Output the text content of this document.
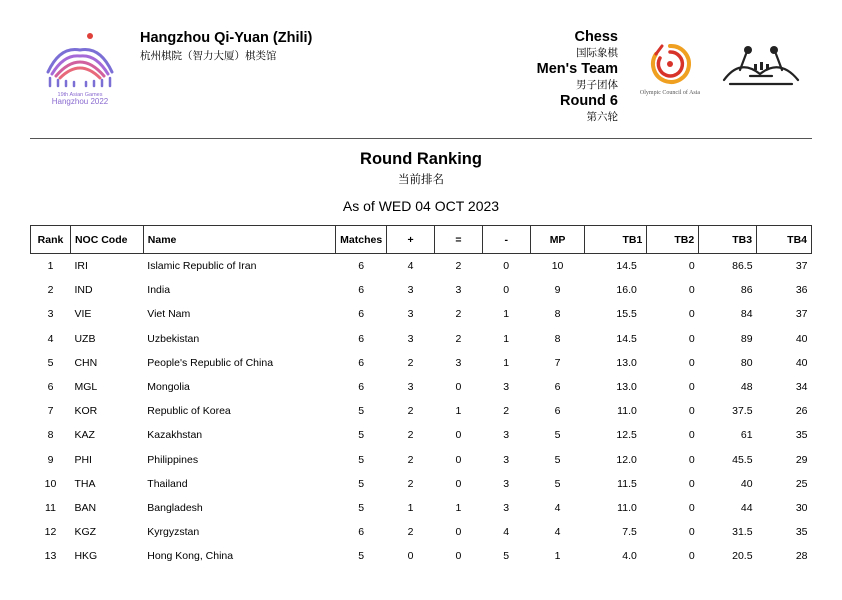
19th Asian Games
Hangzhou 2022
Hangzhou Qi-Yuan (Zhili)
杭州棋院（智力大厦）棋类馆
Chess
国际象棋
Men's Team
男子团体
Round 6
第六轮
Olympic Council of Asia
Round Ranking
当前排名
As of WED 04 OCT 2023
Rank	NOC Code	Name	Matches	+	=	-	MP	TB1	TB2	TB3	TB4
1	IRI	Islamic Republic of Iran	6	4	2	0	10	14.5	0	86.5	37
2	IND	India	6	3	3	0	9	16.0	0	86	36
3	VIE	Viet Nam	6	3	2	1	8	15.5	0	84	37
4	UZB	Uzbekistan	6	3	2	1	8	14.5	0	89	40
5	CHN	People's Republic of China	6	2	3	1	7	13.0	0	80	40
6	MGL	Mongolia	6	3	0	3	6	13.0	0	48	34
7	KOR	Republic of Korea	5	2	1	2	6	11.0	0	37.5	26
8	KAZ	Kazakhstan	5	2	0	3	5	12.5	0	61	35
9	PHI	Philippines	5	2	0	3	5	12.0	0	45.5	29
10	THA	Thailand	5	2	0	3	5	11.5	0	40	25
11	BAN	Bangladesh	5	1	1	3	4	11.0	0	44	30
12	KGZ	Kyrgyzstan	6	2	0	4	4	7.5	0	31.5	35
13	HKG	Hong Kong, China	5	0	0	5	1	4.0	0	20.5	28
